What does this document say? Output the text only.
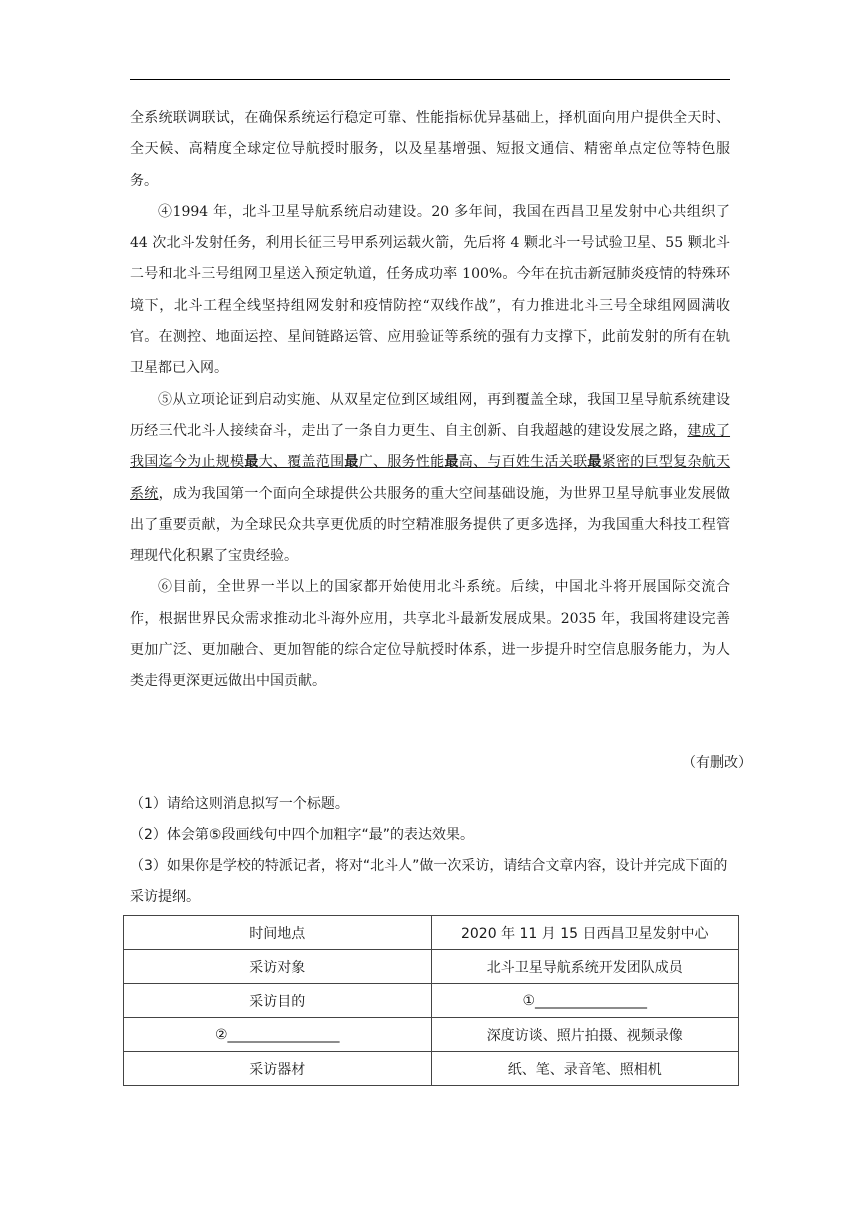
全系统联调联试，在确保系统运行稳定可靠、性能指标优异基础上，择机面向用户提供全天时、全天候、高精度全球定位导航授时服务，以及星基增强、短报文通信、精密单点定位等特色服务。

④1994 年，北斗卫星导航系统启动建设。20 多年间，我国在西昌卫星发射中心共组织了 44 次北斗发射任务，利用长征三号甲系列运载火箭，先后将 4 颗北斗一号试验卫星、55 颗北斗二号和北斗三号组网卫星送入预定轨道，任务成功率 100%。今年在抗击新冠肺炎疫情的特殊环境下，北斗工程全线坚持组网发射和疫情防控“双线作战”，有力推进北斗三号全球组网圆满收官。在测控、地面运控、星间链路运管、应用验证等系统的强有力支撑下，此前发射的所有在轨卫星都已入网。

⑤从立项论证到启动实施、从双星定位到区域组网，再到覆盖全球，我国卫星导航系统建设历经三代北斗人接续奋斗，走出了一条自力更生、自主创新、自我超越的建设发展之路，建成了我国迄今为止规模最大、覆盖范围最广、服务性能最高、与百姓生活关联最紧密的巨型复杂航天系统，成为我国第一个面向全球提供公共服务的重大空间基础设施，为世界卫星导航事业发展做出了重要贡献，为全球民众共享更优质的时空精准服务提供了更多选择，为我国重大科技工程管理现代化积累了宝贵经验。

⑥目前，全世界一半以上的国家都开始使用北斗系统。后续，中国北斗将开展国际交流合作，根据世界民众需求推动北斗海外应用，共享北斗最新发展成果。2035 年，我国将建设完善更加广泛、更加融合、更加智能的综合定位导航授时体系，进一步提升时空信息服务能力，为人类走得更深更远做出中国贡献。

（有删改）

（1）请给这则消息拟写一个标题。

（2）体会第⑤段画线句中四个加粗字“最”的表达效果。

（3）如果你是学校的特派记者，将对“北斗人”做一次采访，请结合文章内容，设计并完成下面的采访提纲。

时间地点	2020 年 11 月 15 日西昌卫星发射中心
采访对象	北斗卫星导航系统开发团队成员
采访目的	①________________
②________________	深度访谈、照片拍摄、视频录像
采访器材	纸、笔、录音笔、照相机
